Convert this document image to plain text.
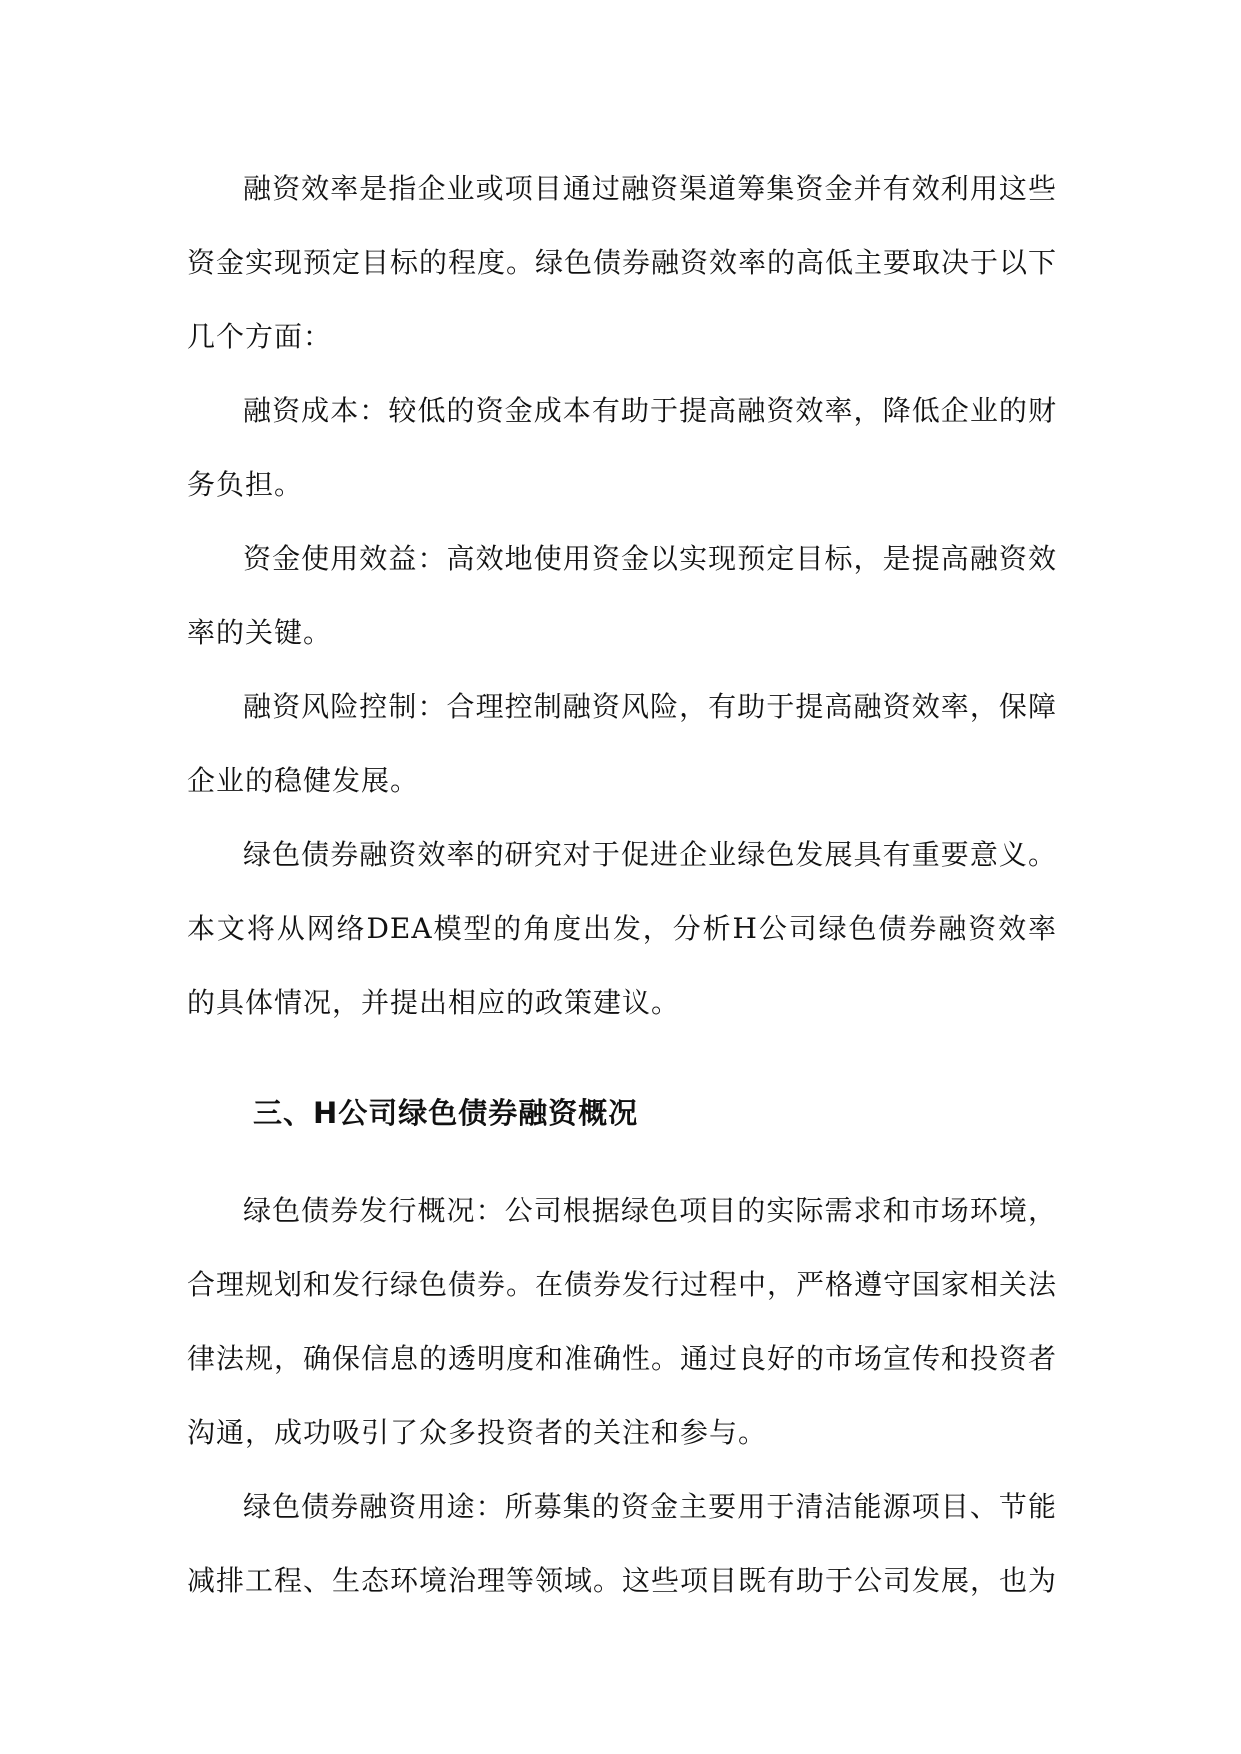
融资效率是指企业或项目通过融资渠道筹集资金并有效利用这些资金实现预定目标的程度。绿色债券融资效率的高低主要取决于以下几个方面：

融资成本：较低的资金成本有助于提高融资效率，降低企业的财务负担。

资金使用效益：高效地使用资金以实现预定目标，是提高融资效率的关键。

融资风险控制：合理控制融资风险，有助于提高融资效率，保障企业的稳健发展。

绿色债券融资效率的研究对于促进企业绿色发展具有重要意义。本文将从网络DEA模型的角度出发，分析H公司绿色债券融资效率的具体情况，并提出相应的政策建议。

三、H公司绿色债券融资概况

绿色债券发行概况：公司根据绿色项目的实际需求和市场环境，合理规划和发行绿色债券。在债券发行过程中，严格遵守国家相关法律法规，确保信息的透明度和准确性。通过良好的市场宣传和投资者沟通，成功吸引了众多投资者的关注和参与。

绿色债券融资用途：所募集的资金主要用于清洁能源项目、节能减排工程、生态环境治理等领域。这些项目既有助于公司发展，也为
